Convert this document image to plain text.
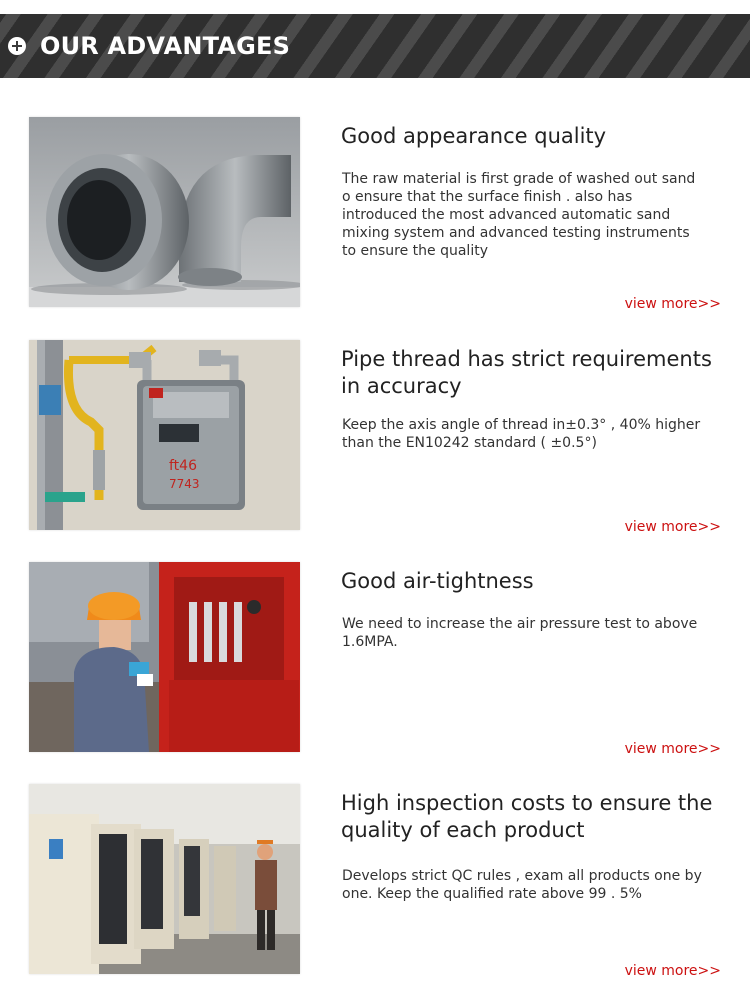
OUR ADVANTAGES
Good appearance quality
The raw material is first grade of washed out sand o ensure that the surface finish . also has introduced the most advanced automatic sand mixing system and advanced testing instruments to ensure the quality
view more>>
ft46
7743
Pipe thread has strict requirements in accuracy
Keep the axis angle of thread in±0.3° , 40% higher than the EN10242 standard ( ±0.5°)
view more>>
Good air-tightness
We need to increase the air pressure test to above 1.6MPA.
view more>>
High inspection costs to ensure the quality of each product
Develops strict QC rules , exam all products one by one. Keep the qualified rate above 99 . 5%
view more>>
